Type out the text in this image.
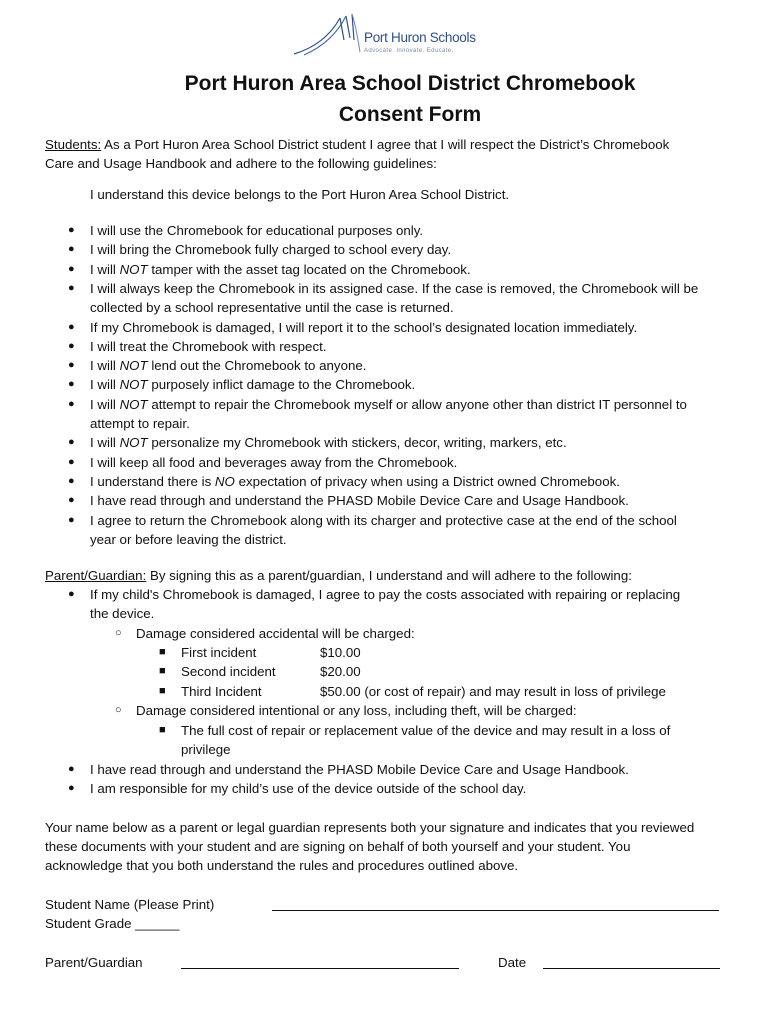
Port Huron Schools
Advocate. Innovate. Educate.
Port Huron Area School District Chromebook
Consent Form
Students: As a Port Huron Area School District student I agree that I will respect the District’s Chromebook
Care and Usage Handbook and adhere to the following guidelines:
I understand this device belongs to the Port Huron Area School District.
● I will use the Chromebook for educational purposes only.
● I will bring the Chromebook fully charged to school every day.
● I will NOT tamper with the asset tag located on the Chromebook.
● I will always keep the Chromebook in its assigned case. If the case is removed, the Chromebook will be
collected by a school representative until the case is returned.
● If my Chromebook is damaged, I will report it to the school’s designated location immediately.
● I will treat the Chromebook with respect.
● I will NOT lend out the Chromebook to anyone.
● I will NOT purposely inflict damage to the Chromebook.
● I will NOT attempt to repair the Chromebook myself or allow anyone other than district IT personnel to
attempt to repair.
● I will NOT personalize my Chromebook with stickers, decor, writing, markers, etc.
● I will keep all food and beverages away from the Chromebook.
● I understand there is NO expectation of privacy when using a District owned Chromebook.
● I have read through and understand the PHASD Mobile Device Care and Usage Handbook.
● I agree to return the Chromebook along with its charger and protective case at the end of the school
year or before leaving the district.
Parent/Guardian: By signing this as a parent/guardian, I understand and will adhere to the following:
● If my child's Chromebook is damaged, I agree to pay the costs associated with repairing or replacing
the device.
○ Damage considered accidental will be charged:
■ First incident	$10.00
■ Second incident	$20.00
■ Third Incident	$50.00 (or cost of repair) and may result in loss of privilege
○ Damage considered intentional or any loss, including theft, will be charged:
■ The full cost of repair or replacement value of the device and may result in a loss of
privilege
● I have read through and understand the PHASD Mobile Device Care and Usage Handbook.
● I am responsible for my child’s use of the device outside of the school day.
Your name below as a parent or legal guardian represents both your signature and indicates that you reviewed
these documents with your student and are signing on behalf of both yourself and your student. You
acknowledge that you both understand the rules and procedures outlined above.
Student Name (Please Print)
Student Grade ______
Parent/Guardian	Date
